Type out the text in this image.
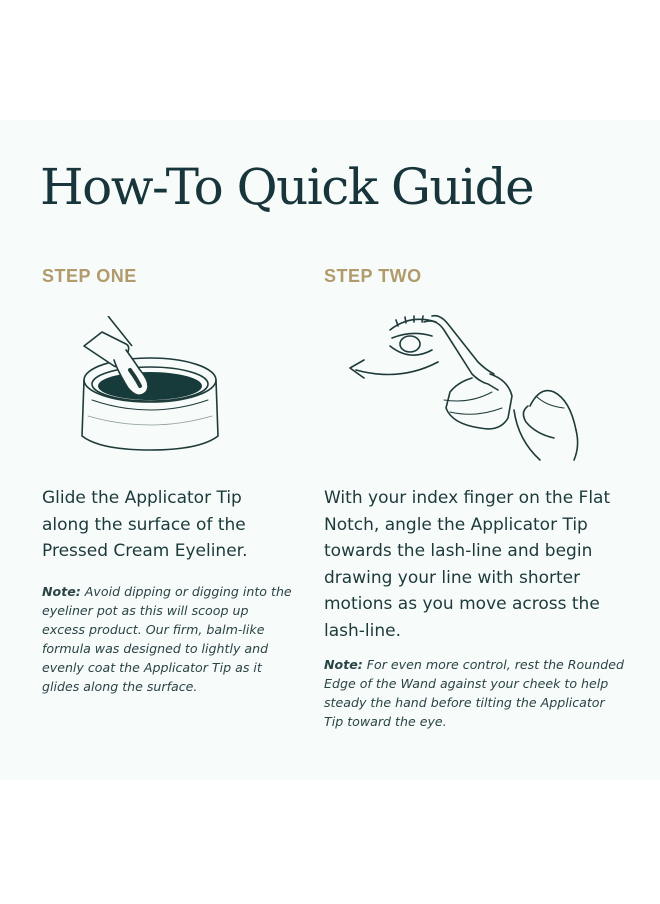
How-To Quick Guide
STEP ONE

Glide the Applicator Tip along the surface of the Pressed Cream Eyeliner.

Note: Avoid dipping or digging into the eyeliner pot as this will scoop up excess product. Our firm, balm-like formula was designed to lightly and evenly coat the Applicator Tip as it glides along the surface.

STEP TWO

With your index finger on the Flat Notch, angle the Applicator Tip towards the lash-line and begin drawing your line with shorter motions as you move across the lash-line.

Note: For even more control, rest the Rounded Edge of the Wand against your cheek to help steady the hand before tilting the Applicator Tip toward the eye.
